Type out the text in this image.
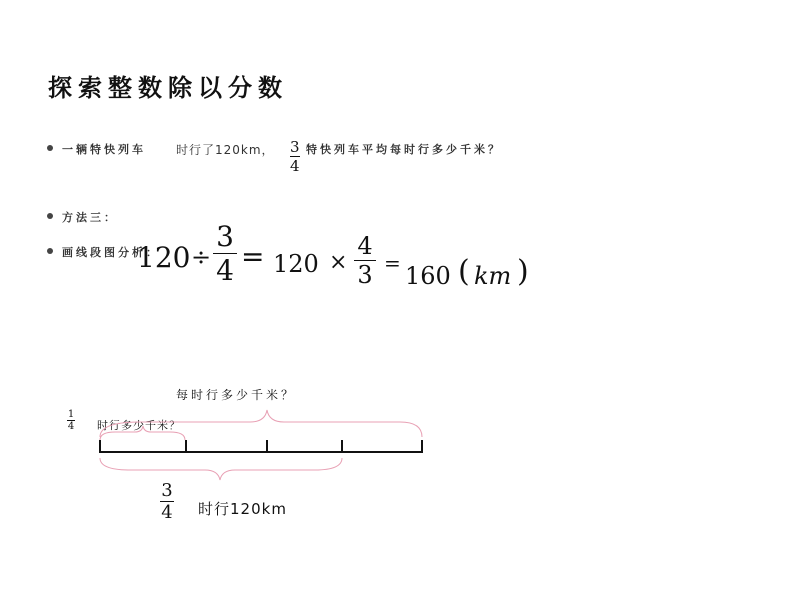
探索整数除以分数
一辆特快列车	时行了120km，	特快列车平均每时行多少千米？
3
4
方法三：
画线段图分析：
120 ÷
3
4 = 120 ×
4
3 = 160 ( km )
每时行多少千米？
1
4 时行多少千米？
3
4 时行120km
